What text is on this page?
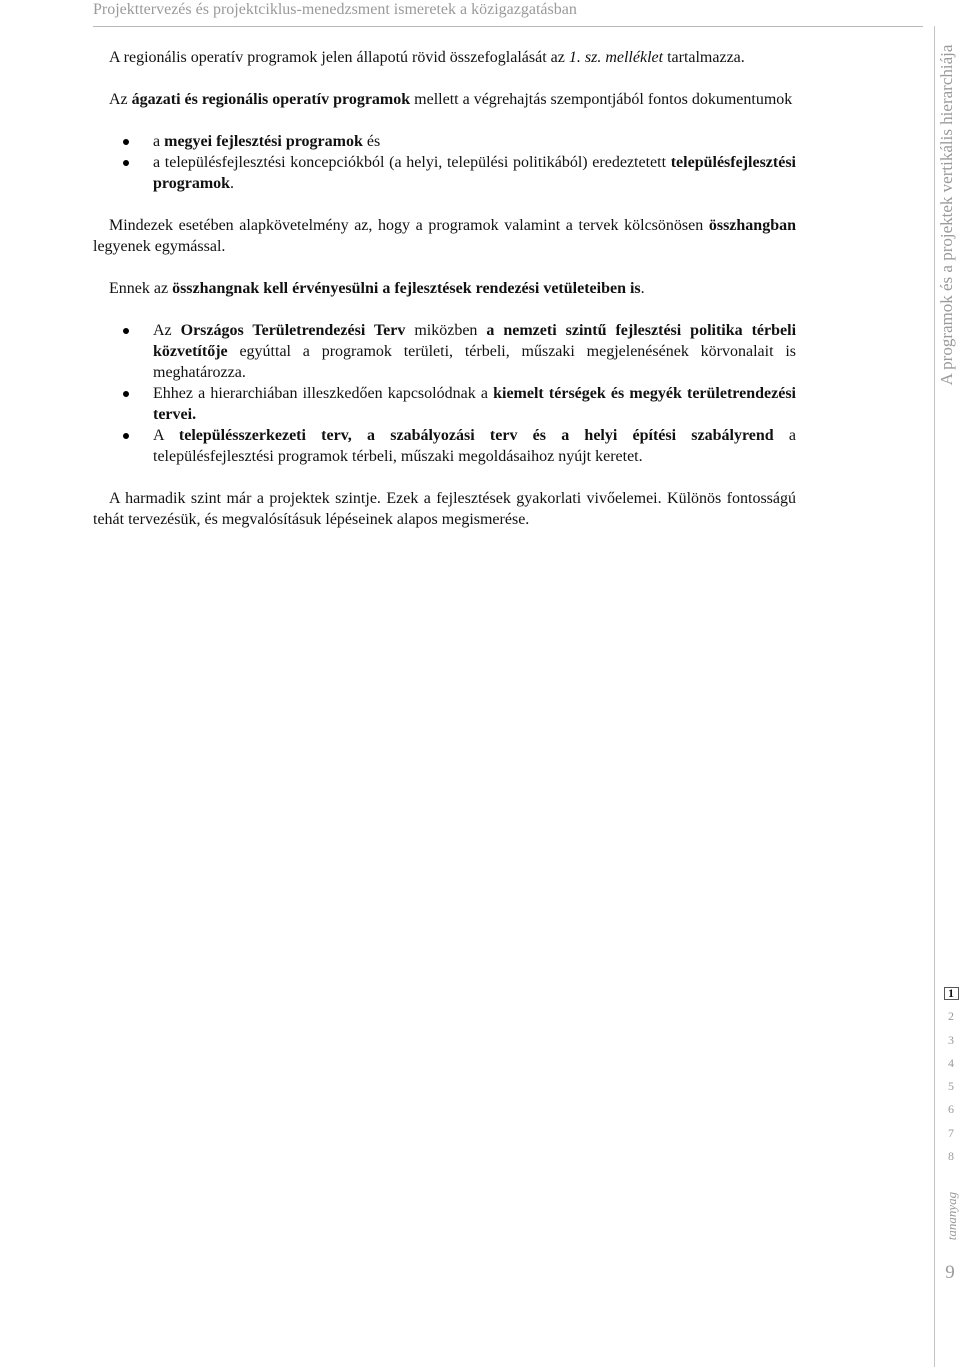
Projekttervezés és projektciklus-menedzsment ismeretek a közigazgatásban
A programok és a projektek vertikális hierarchiája
1
2
3
4
5
6
7
8
tananyag
9

A regionális operatív programok jelen állapotú rövid összefoglalását az 1. sz. melléklet tartalmazza.

Az ágazati és regionális operatív programok mellett a végrehajtás szempontjából fontos dokumentumok

a megyei fejlesztési programok és
a településfejlesztési koncepciókból (a helyi, települési politikából) eredeztetett településfejlesztési programok.

Mindezek esetében alapkövetelmény az, hogy a programok valamint a tervek kölcsönösen összhangban legyenek egymással.

Ennek az összhangnak kell érvényesülni a fejlesztések rendezési vetületeiben is.

Az Országos Területrendezési Terv miközben a nemzeti szintű fejlesztési politika térbeli közvetítője egyúttal a programok területi, térbeli, műszaki megjelenésének körvonalait is meghatározza.
Ehhez a hierarchiában illeszkedően kapcsolódnak a kiemelt térségek és megyék területrendezési tervei.
A településszerkezeti terv, a szabályozási terv és a helyi építési szabályrend a településfejlesztési programok térbeli, műszaki megoldásaihoz nyújt keretet.

A harmadik szint már a projektek szintje. Ezek a fejlesztések gyakorlati vivőelemei. Különös fontosságú tehát tervezésük, és megvalósításuk lépéseinek alapos megismerése.
